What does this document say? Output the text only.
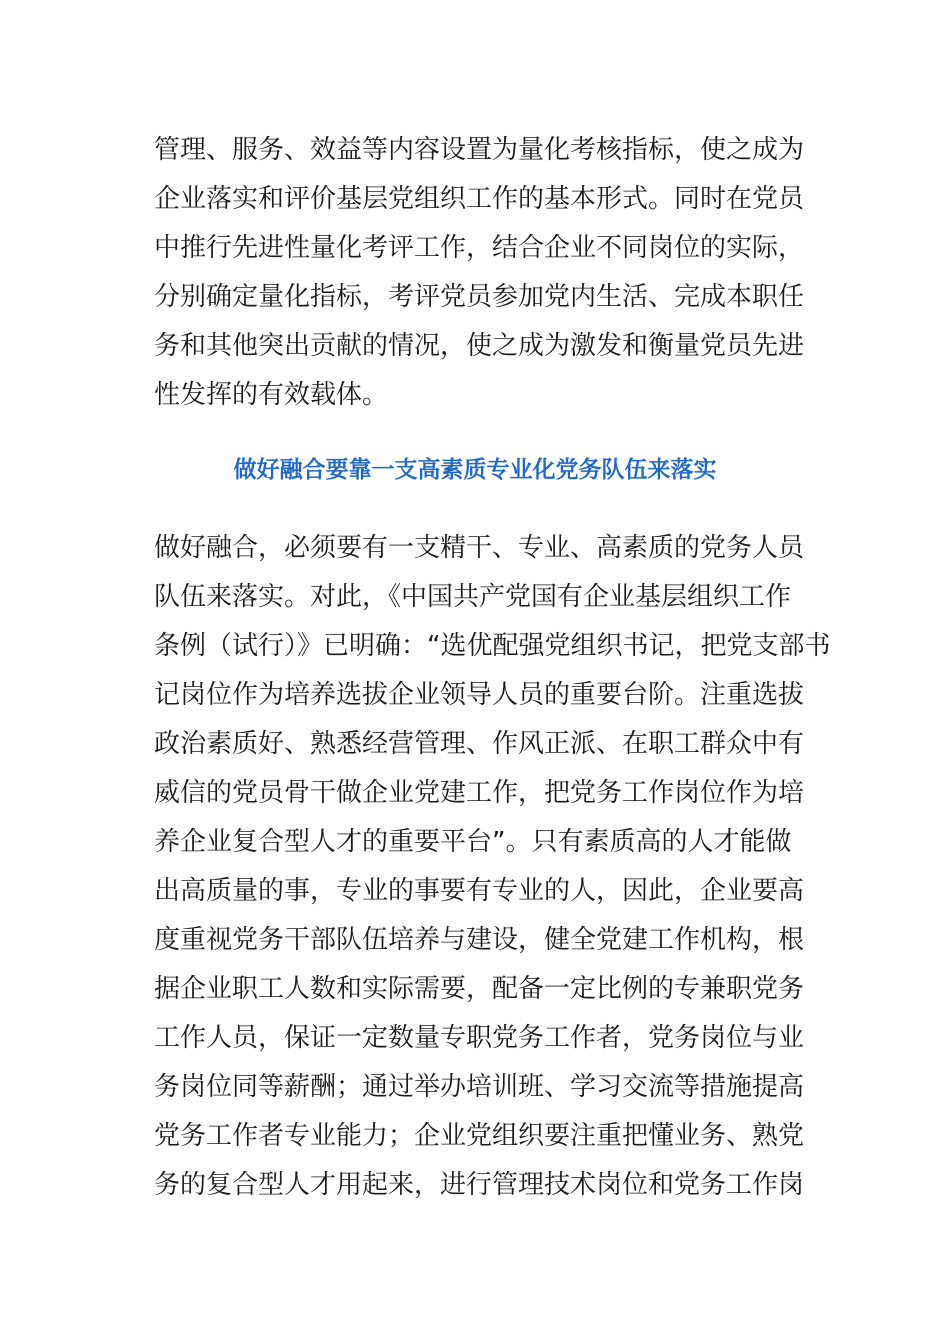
管理、服务、效益等内容设置为量化考核指标，使之成为
企业落实和评价基层党组织工作的基本形式。同时在党员
中推行先进性量化考评工作，结合企业不同岗位的实际，
分别确定量化指标，考评党员参加党内生活、完成本职任
务和其他突出贡献的情况，使之成为激发和衡量党员先进
性发挥的有效载体。
做好融合要靠一支高素质专业化党务队伍来落实
做好融合，必须要有一支精干、专业、高素质的党务人员
队伍来落实。对此，《中国共产党国有企业基层组织工作
条例（试行）》已明确：“选优配强党组织书记，把党支部书
记岗位作为培养选拔企业领导人员的重要台阶。注重选拔
政治素质好、熟悉经营管理、作风正派、在职工群众中有
威信的党员骨干做企业党建工作，把党务工作岗位作为培
养企业复合型人才的重要平台”。只有素质高的人才能做
出高质量的事，专业的事要有专业的人，因此，企业要高
度重视党务干部队伍培养与建设，健全党建工作机构，根
据企业职工人数和实际需要，配备一定比例的专兼职党务
工作人员，保证一定数量专职党务工作者，党务岗位与业
务岗位同等薪酬；通过举办培训班、学习交流等措施提高
党务工作者专业能力；企业党组织要注重把懂业务、熟党
务的复合型人才用起来，进行管理技术岗位和党务工作岗
